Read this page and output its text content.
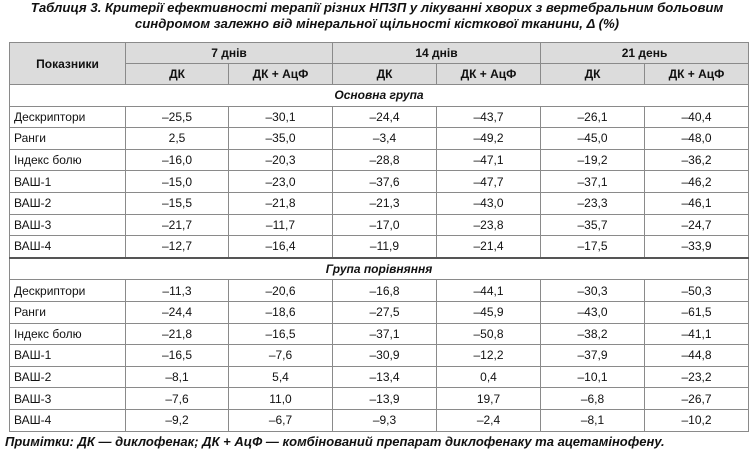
Таблиця 3. Критерії ефективності терапії різних НПЗП у лікуванні хворих з вертебральним больовим
синдромом залежно від мінеральної щільності кісткової тканини, Δ (%)
Показники	7 днів		14 днів		21 день	
	ДК	ДК + АцФ	ДК	ДК + АцФ	ДК	ДК + АцФ
Основна група						
Дескриптори	–25,5	–30,1	–24,4	–43,7	–26,1	–40,4
Ранги	2,5	–35,0	–3,4	–49,2	–45,0	–48,0
Індекс болю	–16,0	–20,3	–28,8	–47,1	–19,2	–36,2
ВАШ-1	–15,0	–23,0	–37,6	–47,7	–37,1	–46,2
ВАШ-2	–15,5	–21,8	–21,3	–43,0	–23,3	–46,1
ВАШ-3	–21,7	–11,7	–17,0	–23,8	–35,7	–24,7
ВАШ-4	–12,7	–16,4	–11,9	–21,4	–17,5	–33,9
Група порівняння						
Дескриптори	–11,3	–20,6	–16,8	–44,1	–30,3	–50,3
Ранги	–24,4	–18,6	–27,5	–45,9	–43,0	–61,5
Індекс болю	–21,8	–16,5	–37,1	–50,8	–38,2	–41,1
ВАШ-1	–16,5	–7,6	–30,9	–12,2	–37,9	–44,8
ВАШ-2	–8,1	5,4	–13,4	0,4	–10,1	–23,2
ВАШ-3	–7,6	11,0	–13,9	19,7	–6,8	–26,7
ВАШ-4	–9,2	–6,7	–9,3	–2,4	–8,1	–10,2
Примітки: ДК — диклофенак; ДК + АцФ — комбінований препарат диклофенаку та ацетамінофену.
